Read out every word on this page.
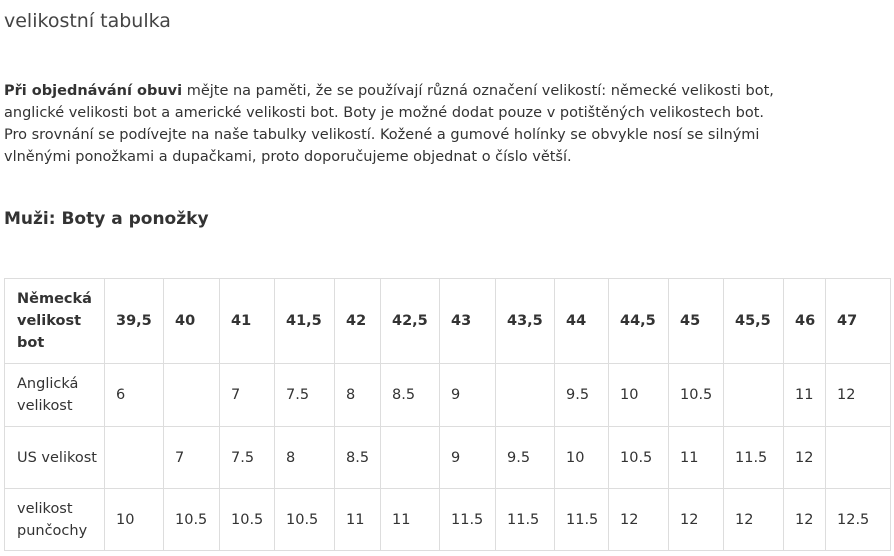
velikostní tabulka

Při objednávání obuvi mějte na paměti, že se používají různá označení velikostí: německé velikosti bot, anglické velikosti bot a americké velikosti bot. Boty je možné dodat pouze v potištěných velikostech bot. Pro srovnání se podívejte na naše tabulky velikostí. Kožené a gumové holínky se obvykle nosí se silnými vlněnými ponožkami a dupačkami, proto doporučujeme objednat o číslo větší.

Muži: Boty a ponožky
Německá velikost bot	39,5	40	41	41,5	42	42,5	43	43,5	44	44,5	45	45,5	46	47
Anglická velikost	6		7	7.5	8	8.5	9		9.5	10	10.5		11	12
US velikost		7	7.5	8	8.5		9	9.5	10	10.5	11	11.5	12	
velikost punčochy	10	10.5	10.5	10.5	11	11	11.5	11.5	11.5	12	12	12	12	12.5
